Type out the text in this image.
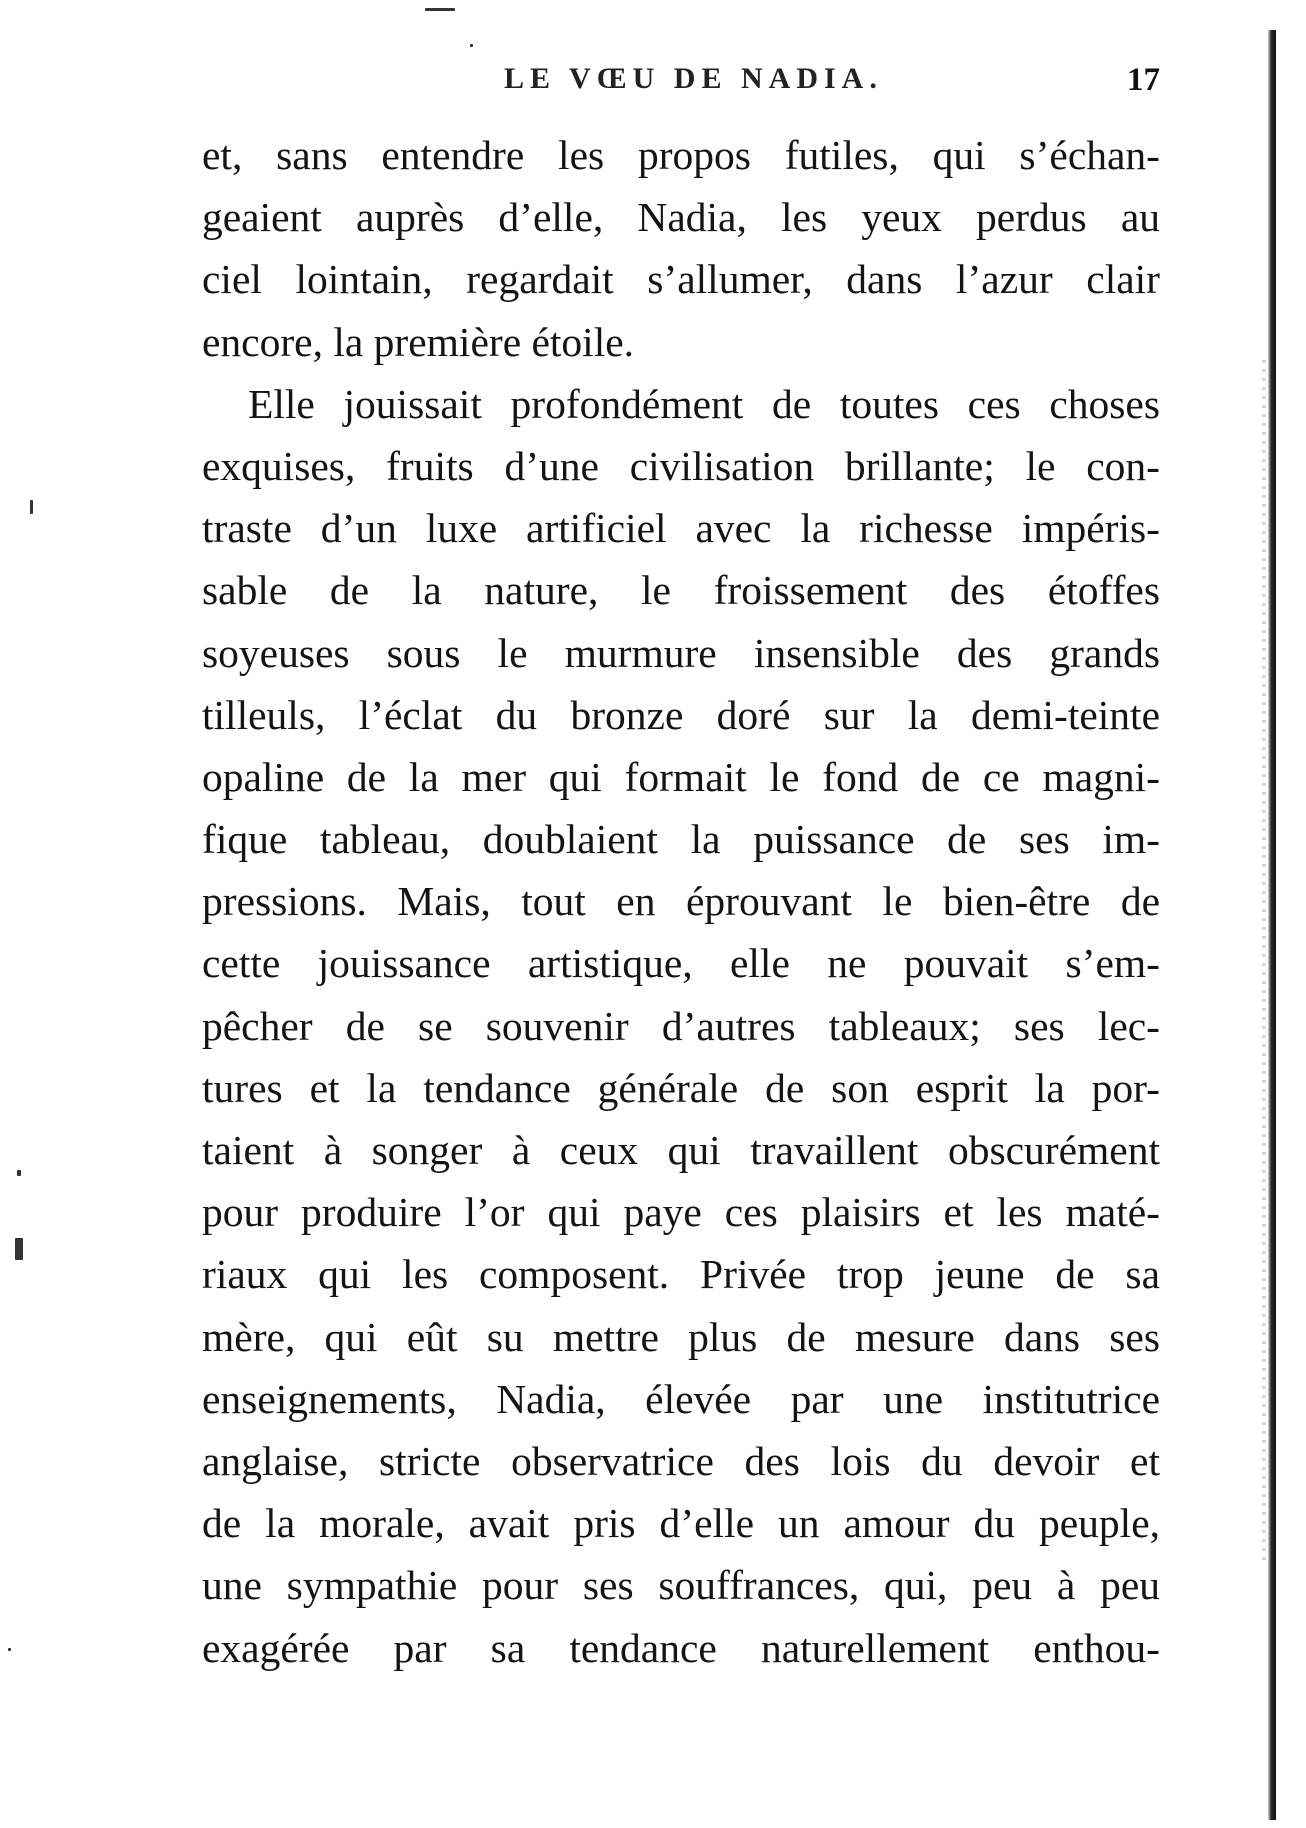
LE VŒU DE NADIA.	17
et, sans entendre les propos futiles, qui s’échan-
geaient auprès d’elle, Nadia, les yeux perdus au
ciel lointain, regardait s’allumer, dans l’azur clair
encore, la première étoile.
Elle jouissait profondément de toutes ces choses
exquises, fruits d’une civilisation brillante; le con-
traste d’un luxe artificiel avec la richesse impéris-
sable de la nature, le froissement des étoffes
soyeuses sous le murmure insensible des grands
tilleuls, l’éclat du bronze doré sur la demi-teinte
opaline de la mer qui formait le fond de ce magni-
fique tableau, doublaient la puissance de ses im-
pressions. Mais, tout en éprouvant le bien-être de
cette jouissance artistique, elle ne pouvait s’em-
pêcher de se souvenir d’autres tableaux; ses lec-
tures et la tendance générale de son esprit la por-
taient à songer à ceux qui travaillent obscurément
pour produire l’or qui paye ces plaisirs et les maté-
riaux qui les composent. Privée trop jeune de sa
mère, qui eût su mettre plus de mesure dans ses
enseignements, Nadia, élevée par une institutrice
anglaise, stricte observatrice des lois du devoir et
de la morale, avait pris d’elle un amour du peuple,
une sympathie pour ses souffrances, qui, peu à peu
exagérée par sa tendance naturellement enthou-
